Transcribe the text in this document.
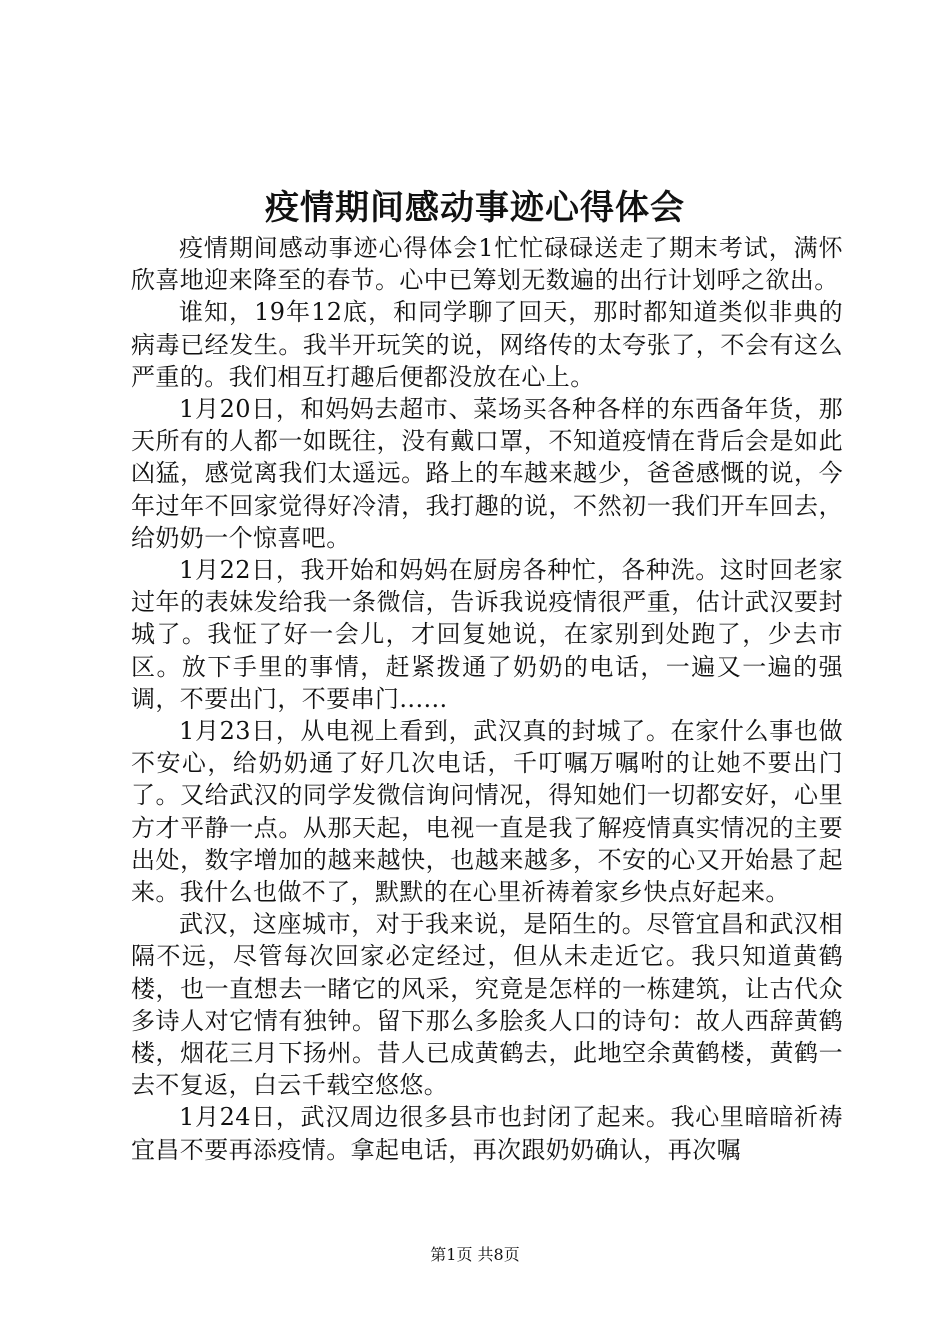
疫情期间感动事迹心得体会

疫情期间感动事迹心得体会1忙忙碌碌送走了期末考试，满怀欣喜地迎来降至的春节。心中已筹划无数遍的出行计划呼之欲出。

谁知，19年12底，和同学聊了回天，那时都知道类似非典的病毒已经发生。我半开玩笑的说，网络传的太夸张了，不会有这么严重的。我们相互打趣后便都没放在心上。

1月20日，和妈妈去超市、菜场买各种各样的东西备年货，那天所有的人都一如既往，没有戴口罩，不知道疫情在背后会是如此凶猛，感觉离我们太遥远。路上的车越来越少，爸爸感慨的说，今年过年不回家觉得好冷清，我打趣的说，不然初一我们开车回去，给奶奶一个惊喜吧。

1月22日，我开始和妈妈在厨房各种忙，各种洗。这时回老家过年的表妹发给我一条微信，告诉我说疫情很严重，估计武汉要封城了。我怔了好一会儿，才回复她说，在家别到处跑了，少去市区。放下手里的事情，赶紧拨通了奶奶的电话，一遍又一遍的强调，不要出门，不要串门......

1月23日，从电视上看到，武汉真的封城了。在家什么事也做不安心，给奶奶通了好几次电话，千叮嘱万嘱咐的让她不要出门了。又给武汉的同学发微信询问情况，得知她们一切都安好，心里方才平静一点。从那天起，电视一直是我了解疫情真实情况的主要出处，数字增加的越来越快，也越来越多，不安的心又开始悬了起来。我什么也做不了，默默的在心里祈祷着家乡快点好起来。

武汉，这座城市，对于我来说，是陌生的。尽管宜昌和武汉相隔不远，尽管每次回家必定经过，但从未走近它。我只知道黄鹤楼，也一直想去一睹它的风采，究竟是怎样的一栋建筑，让古代众多诗人对它情有独钟。留下那么多脍炙人口的诗句：故人西辞黄鹤楼，烟花三月下扬州。昔人已成黄鹤去，此地空余黄鹤楼，黄鹤一去不复返，白云千载空悠悠。

1月24日，武汉周边很多县市也封闭了起来。我心里暗暗祈祷宜昌不要再添疫情。拿起电话，再次跟奶奶确认，再次嘱

第1页 共8页
